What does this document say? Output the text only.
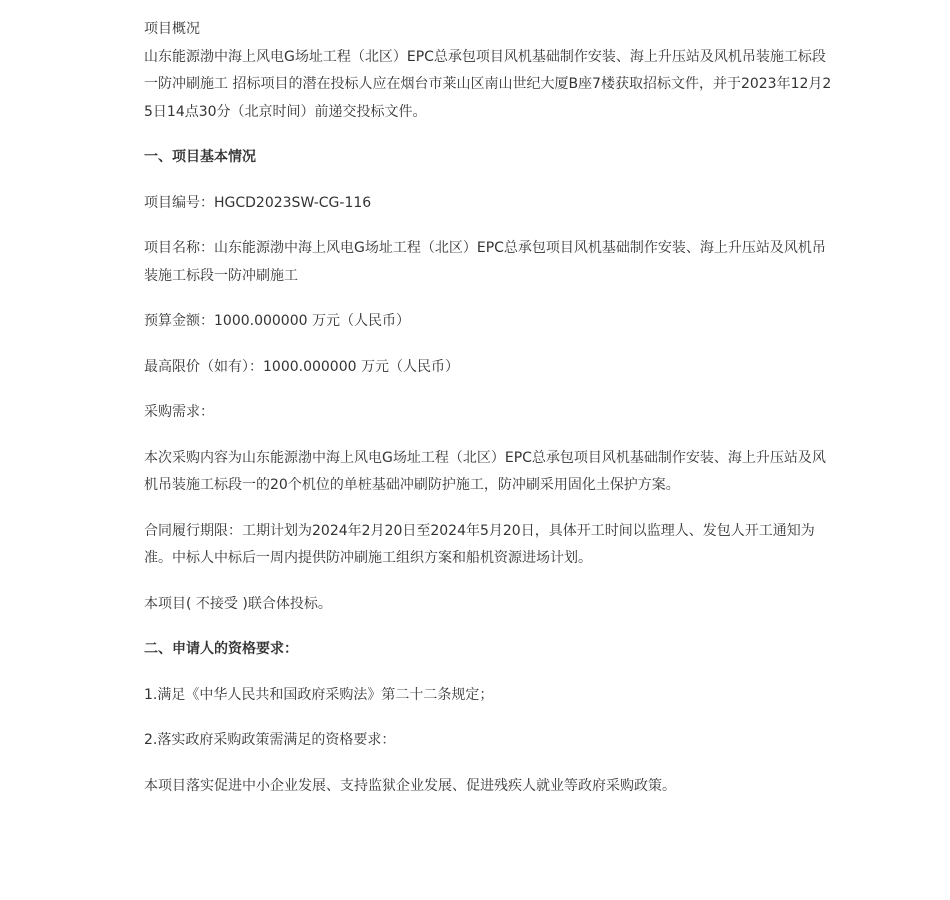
项目概况

山东能源渤中海上风电G场址工程（北区）EPC总承包项目风机基础制作安装、海上升压站及风机吊装施工标段一防冲刷施工 招标项目的潜在投标人应在烟台市莱山区南山世纪大厦B座7楼获取招标文件，并于2023年12月25日14点30分（北京时间）前递交投标文件。

一、项目基本情况

项目编号：HGCD2023SW-CG-116

项目名称：山东能源渤中海上风电G场址工程（北区）EPC总承包项目风机基础制作安装、海上升压站及风机吊装施工标段一防冲刷施工

预算金额：1000.000000 万元（人民币）

最高限价（如有）：1000.000000 万元（人民币）

采购需求：

本次采购内容为山东能源渤中海上风电G场址工程（北区）EPC总承包项目风机基础制作安装、海上升压站及风机吊装施工标段一的20个机位的单桩基础冲刷防护施工，防冲刷采用固化土保护方案。

合同履行期限：工期计划为2024年2月20日至2024年5月20日，具体开工时间以监理人、发包人开工通知为准。中标人中标后一周内提供防冲刷施工组织方案和船机资源进场计划。

本项目( 不接受 )联合体投标。

二、申请人的资格要求：

1.满足《中华人民共和国政府采购法》第二十二条规定；

2.落实政府采购政策需满足的资格要求：

本项目落实促进中小企业发展、支持监狱企业发展、促进残疾人就业等政府采购政策。
